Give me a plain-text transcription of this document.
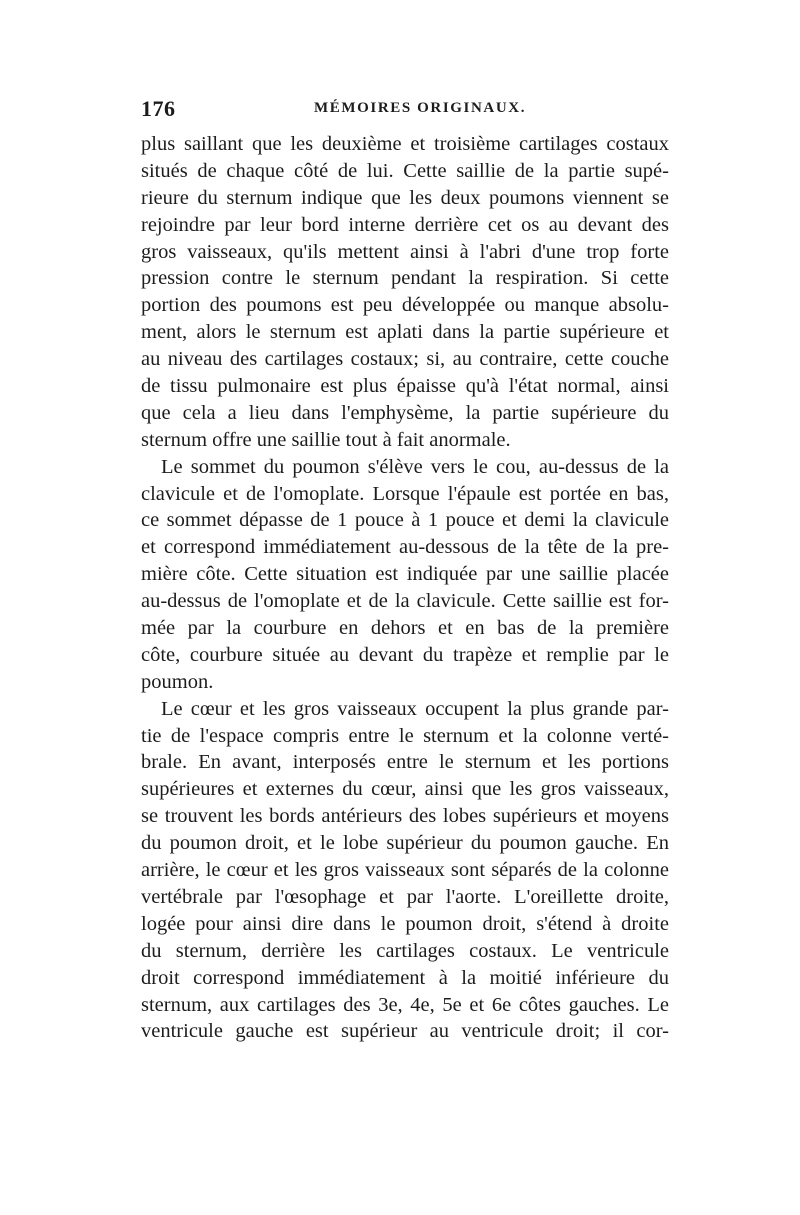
176	MÉMOIRES ORIGINAUX.
plus saillant que les deuxième et troisième cartilages costaux
situés de chaque côté de lui. Cette saillie de la partie supé-
rieure du sternum indique que les deux poumons viennent se
rejoindre par leur bord interne derrière cet os au devant des
gros vaisseaux, qu'ils mettent ainsi à l'abri d'une trop forte
pression contre le sternum pendant la respiration. Si cette
portion des poumons est peu développée ou manque absolu-
ment, alors le sternum est aplati dans la partie supérieure et
au niveau des cartilages costaux; si, au contraire, cette couche
de tissu pulmonaire est plus épaisse qu'à l'état normal, ainsi
que cela a lieu dans l'emphysème, la partie supérieure du
sternum offre une saillie tout à fait anormale.
Le sommet du poumon s'élève vers le cou, au-dessus de la
clavicule et de l'omoplate. Lorsque l'épaule est portée en bas,
ce sommet dépasse de 1 pouce à 1 pouce et demi la clavicule
et correspond immédiatement au-dessous de la tête de la pre-
mière côte. Cette situation est indiquée par une saillie placée
au-dessus de l'omoplate et de la clavicule. Cette saillie est for-
mée par la courbure en dehors et en bas de la première
côte, courbure située au devant du trapèze et remplie par le
poumon.
Le cœur et les gros vaisseaux occupent la plus grande par-
tie de l'espace compris entre le sternum et la colonne verté-
brale. En avant, interposés entre le sternum et les portions
supérieures et externes du cœur, ainsi que les gros vaisseaux,
se trouvent les bords antérieurs des lobes supérieurs et moyens
du poumon droit, et le lobe supérieur du poumon gauche. En
arrière, le cœur et les gros vaisseaux sont séparés de la colonne
vertébrale par l'œsophage et par l'aorte. L'oreillette droite,
logée pour ainsi dire dans le poumon droit, s'étend à droite
du sternum, derrière les cartilages costaux. Le ventricule
droit correspond immédiatement à la moitié inférieure du
sternum, aux cartilages des 3e, 4e, 5e et 6e côtes gauches. Le
ventricule gauche est supérieur au ventricule droit; il cor-
